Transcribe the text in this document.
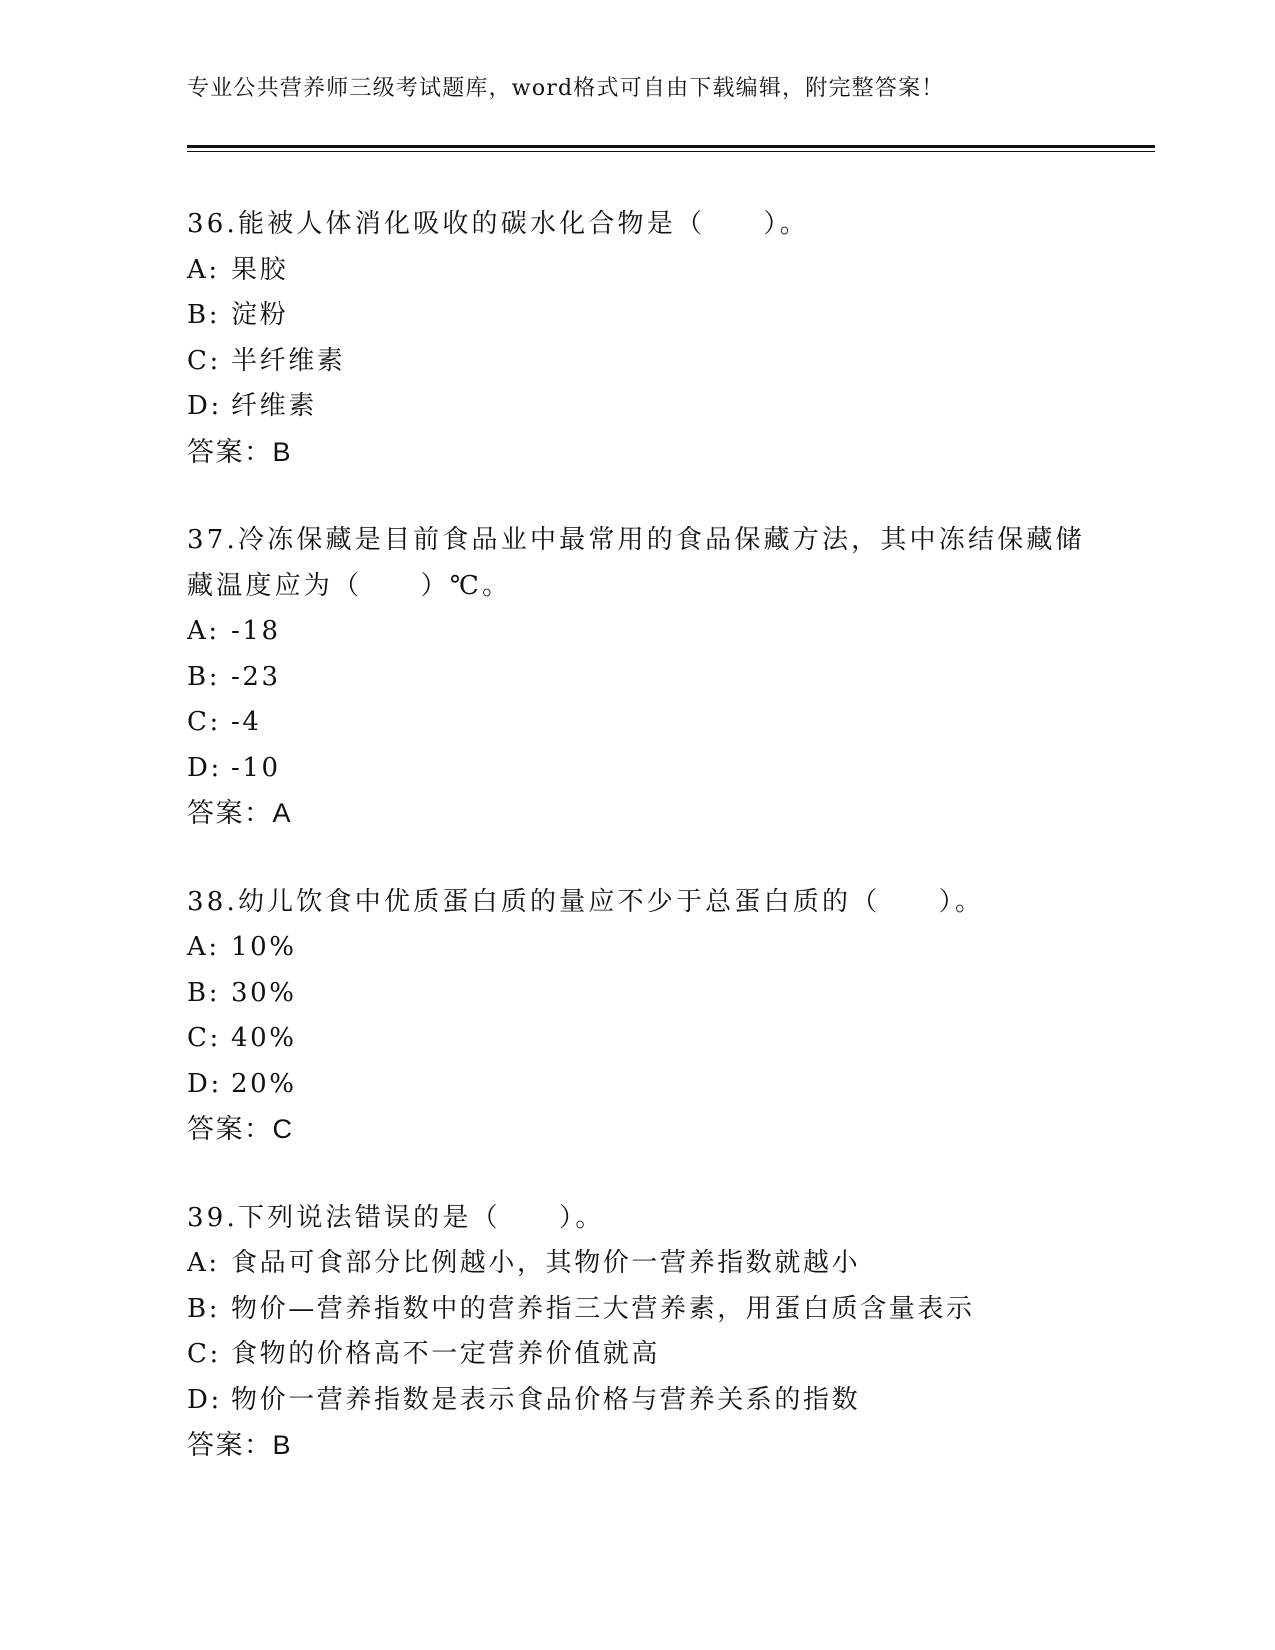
专业公共营养师三级考试题库，word格式可自由下载编辑，附完整答案！

36.能被人体消化吸收的碳水化合物是（　　）。

A: 果胶
B: 淀粉
C: 半纤维素
D: 纤维素
答案：B

37.冷冻保藏是目前食品业中最常用的食品保藏方法，其中冻结保藏储藏温度应为（　　）℃。

A: -18
B: -23
C: -4
D: -10
答案：A

38.幼儿饮食中优质蛋白质的量应不少于总蛋白质的（　　）。

A: 10%
B: 30%
C: 40%
D: 20%
答案：C

39.下列说法错误的是（　　）。

A: 食品可食部分比例越小，其物价一营养指数就越小
B: 物价—营养指数中的营养指三大营养素，用蛋白质含量表示
C: 食物的价格高不一定营养价值就高
D: 物价一营养指数是表示食品价格与营养关系的指数
答案：B
